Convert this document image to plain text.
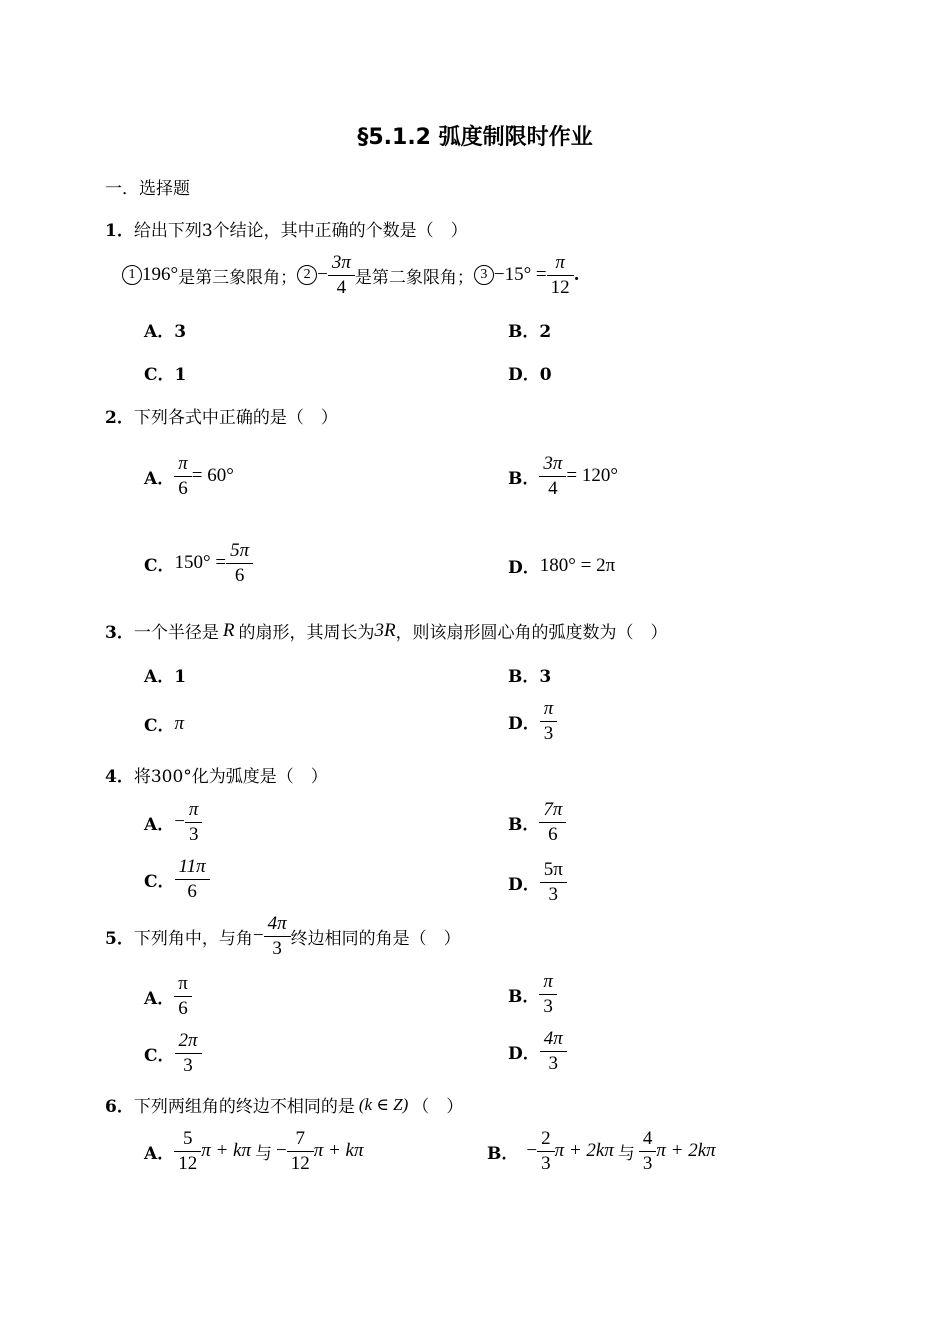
§5.1.2 弧度制限时作业
一．选择题
1． 给出下列3个结论，其中正确的个数是（　）
1 196° 是第三象限角； $2 - \frac{3\pi}{4}$ 是第二象限角； $3 -15^\circ = \frac{\pi}{12}$ .
A．3	B．2
C．1	D．0
2． 下列各式中正确的是（　）
A． $\frac{\pi}{6} = 60^\circ$	B． $\frac{3\pi}{4} = 120^\circ$
C． $150^\circ = \frac{5\pi}{6}$	D． 180° = 2π
3． 一个半径是 R 的扇形，其周长为 3R ，则该扇形圆心角的弧度数为（　）
A．1	B．3
C． π	D． $\frac{\pi}{3}$
4． 将300°化为弧度是（　）
A． − $\frac{\pi}{3}$	B． $\frac{7\pi}{6}$
C． $\frac{11\pi}{6}$	D． $\frac{5\pi}{3}$
5． 下列角中，与角 − $\frac{4\pi}{3}$ 终边相同的角是（　）
A． $\frac{\pi}{6}$	B． $\frac{\pi}{3}$
C． $\frac{2\pi}{3}$	D． $\frac{4\pi}{3}$
6． 下列两组角的终边不相同的是 (k ∈ Z) （　）
A． $\frac{5}{12}$ π + kπ 与 − $\frac{7}{12}$ π + kπ	B． − $\frac{2}{3}$ π + 2kπ 与 $\frac{4}{3}$ π + 2kπ
